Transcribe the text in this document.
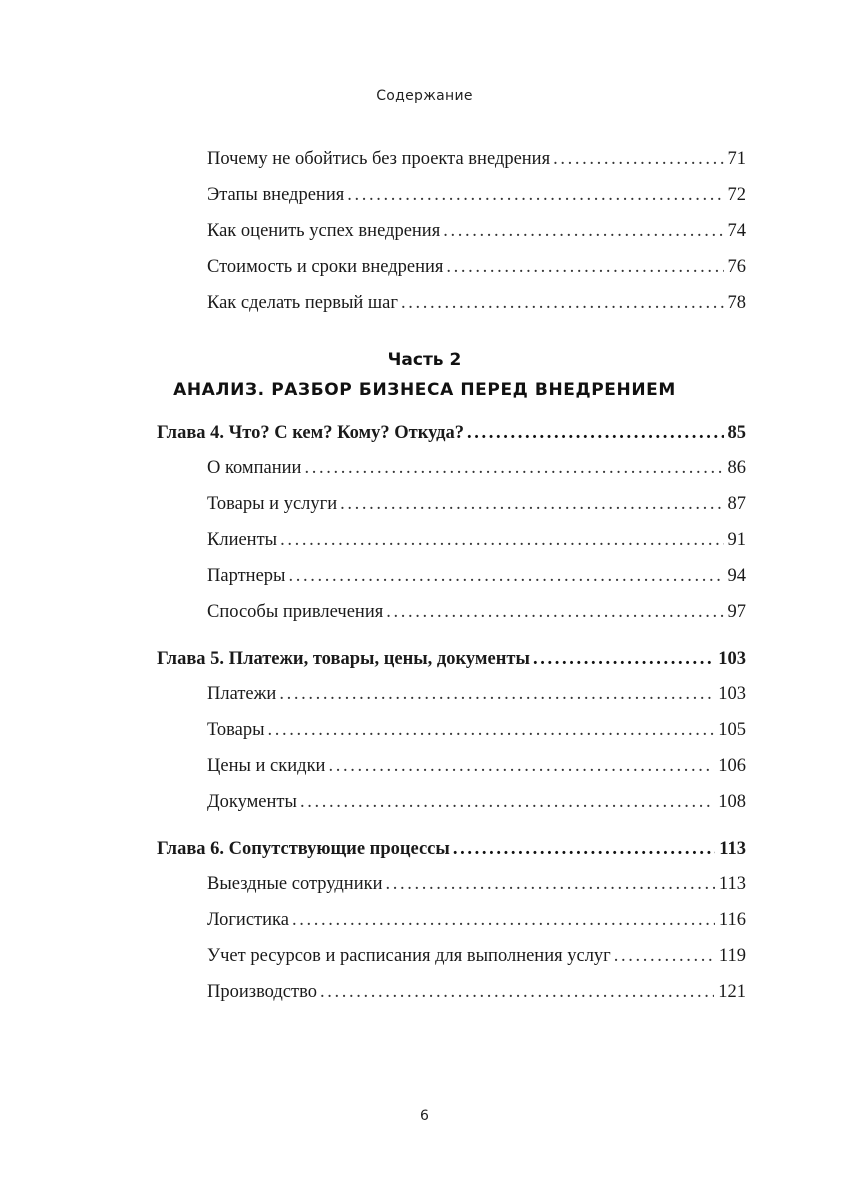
Содержание
Почему не обойтись без проекта внедрения . . .	71
Этапы внедрения . . .	72
Как оценить успех внедрения . . .	74
Стоимость и сроки внедрения . . .	76
Как сделать первый шаг . . .	78
Часть 2
АНАЛИЗ. РАЗБОР БИЗНЕСА ПЕРЕД ВНЕДРЕНИЕМ
Глава 4. Что? С кем? Кому? Откуда? . . .	85
О компании . . .	86
Товары и услуги . . .	87
Клиенты . . .	91
Партнеры . . .	94
Способы привлечения . . .	97
Глава 5. Платежи, товары, цены, документы . . .	103
Платежи . . .	103
Товары . . .	105
Цены и скидки . . .	106
Документы . . .	108
Глава 6. Сопутствующие процессы . . .	113
Выездные сотрудники . . .	113
Логистика . . .	116
Учет ресурсов и расписания для выполнения услуг . . .	119
Производство . . .	121
6
